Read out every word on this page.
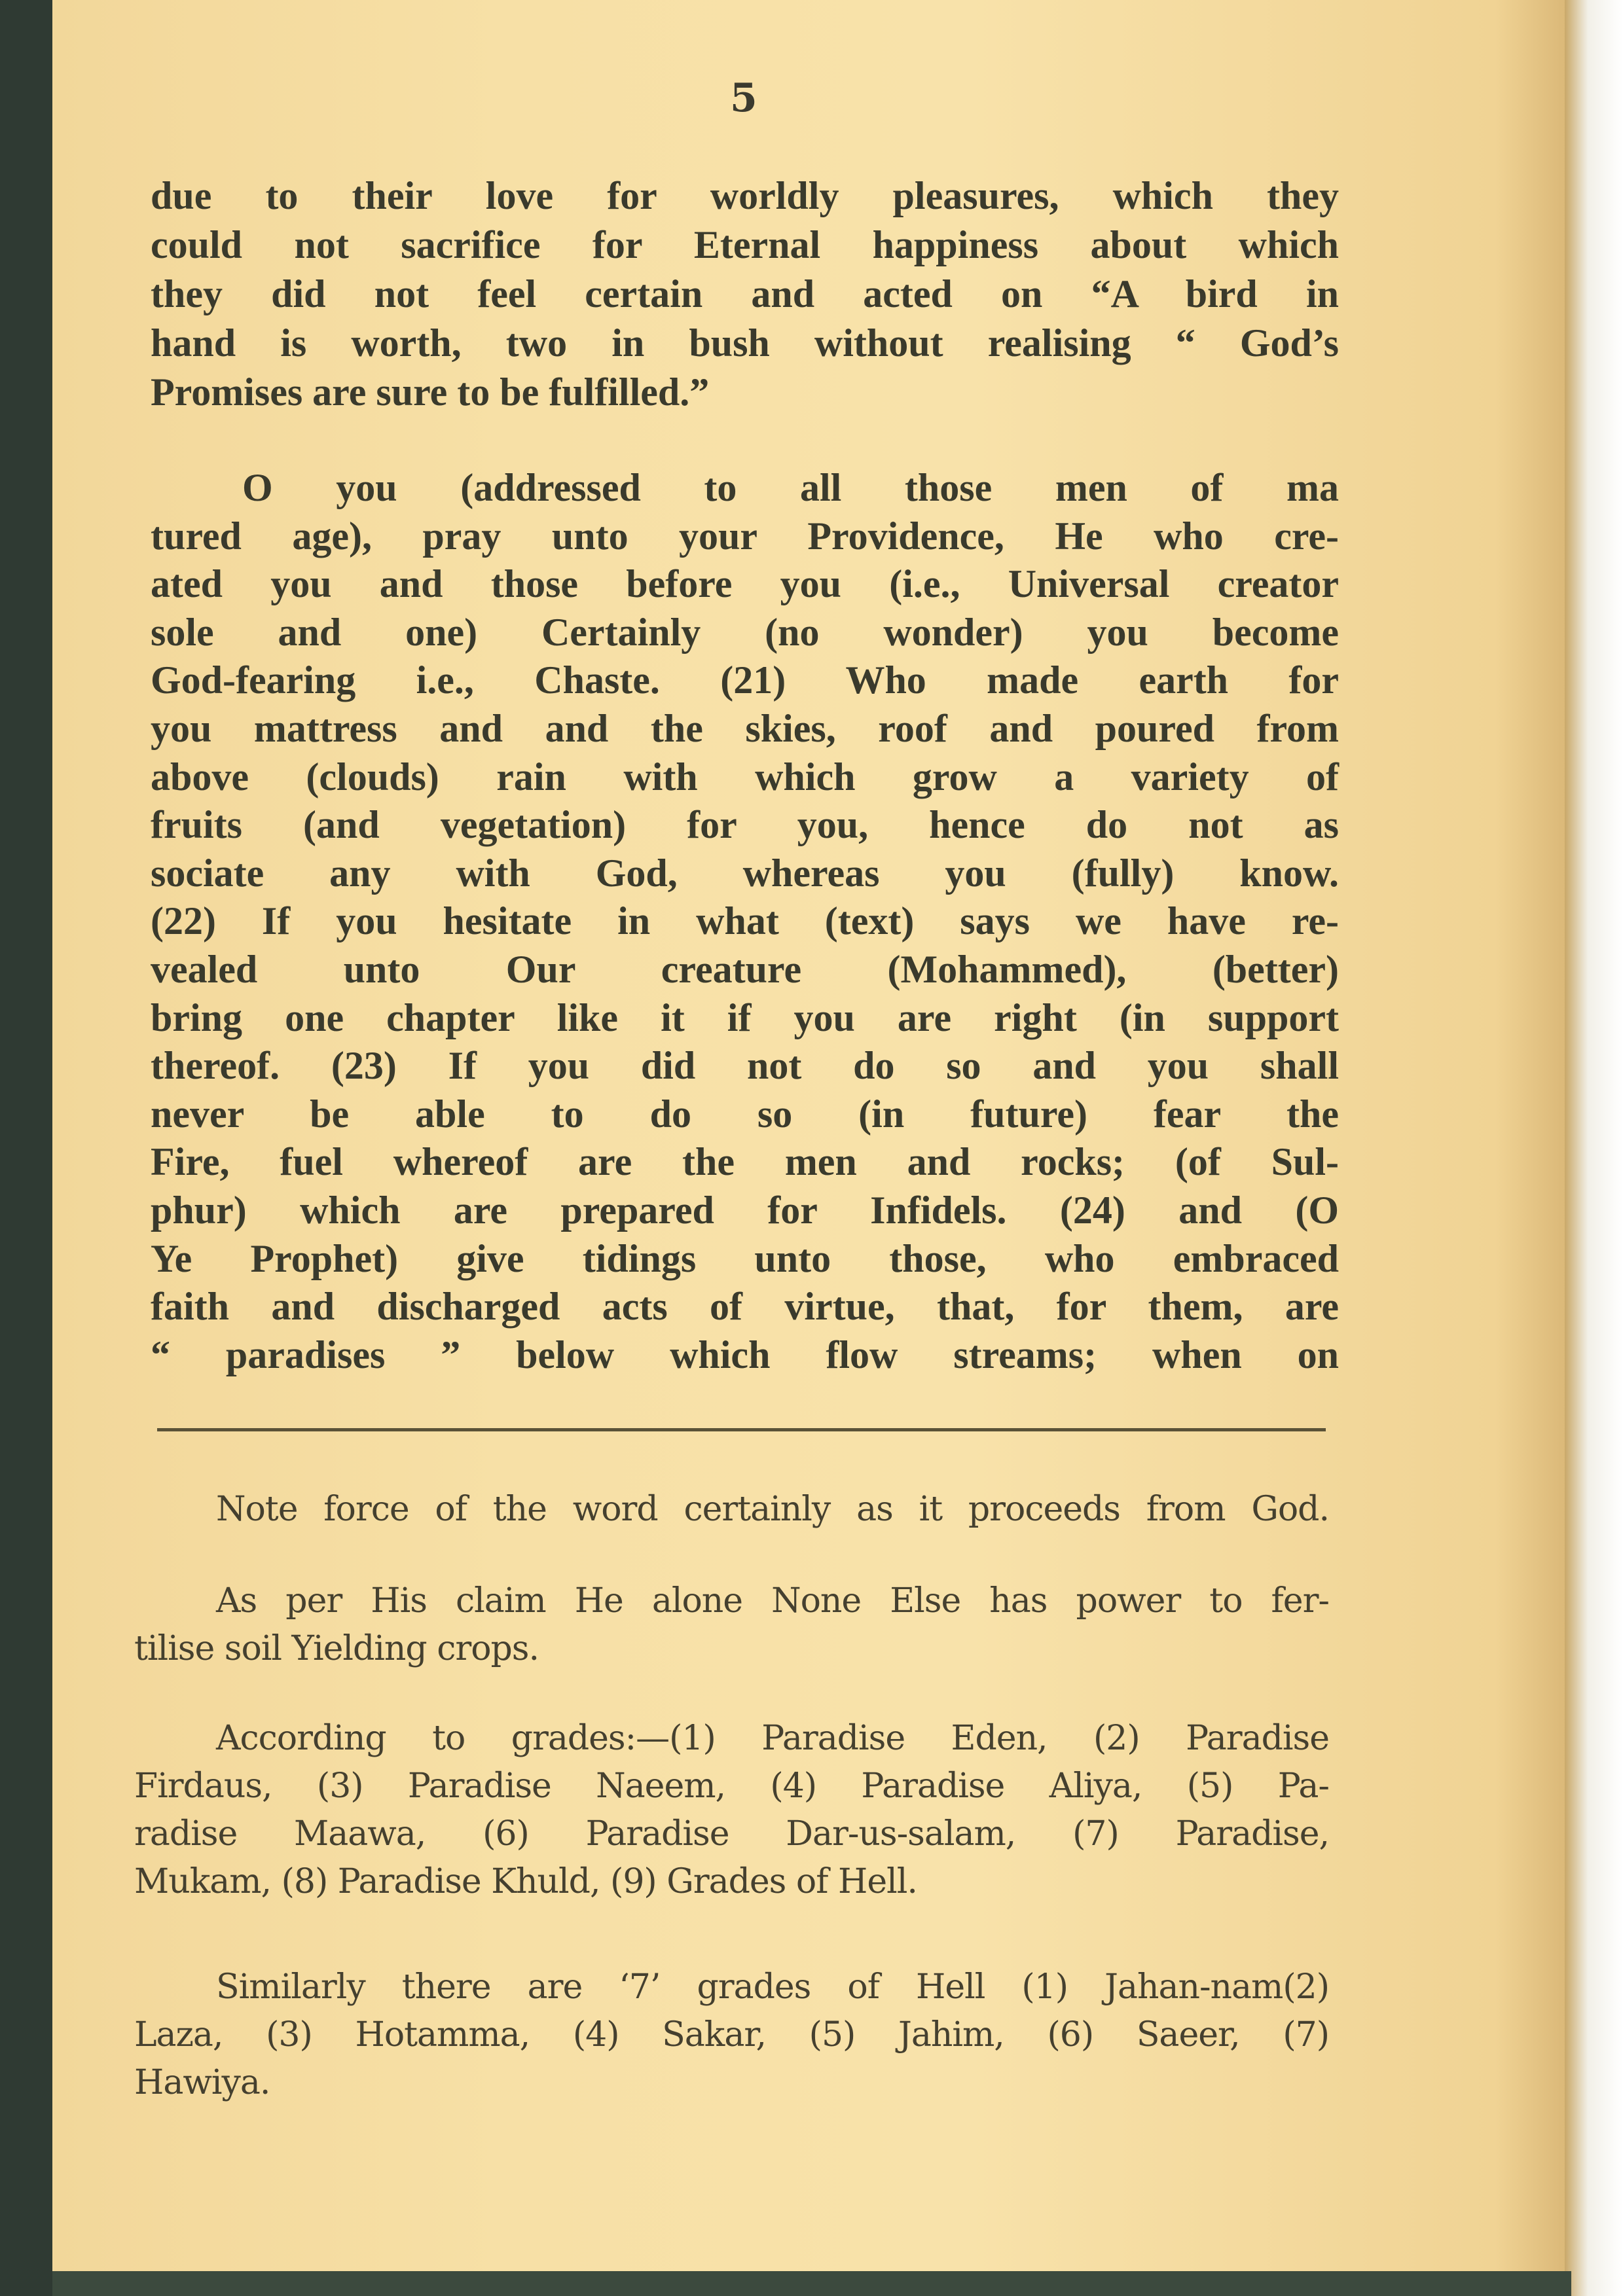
5
due to their love for worldly pleasures, which they
could not sacrifice for Eternal happiness about which
they did not feel certain and acted on “A bird in
hand is worth, two in bush without realising “ God’s
Promises are sure to be fulfilled.”
O you (addressed to all those men of ma
tured age), pray unto your Providence, He who cre-
ated you and those before you (i.e., Universal creator
sole and one) Certainly (no wonder) you become
God-fearing i.e., Chaste. (21) Who made earth for
you mattress and and the skies, roof and poured from
above (clouds) rain with which grow a variety of
fruits (and vegetation) for you, hence do not as
sociate any with God, whereas you (fully) know.
(22) If you hesitate in what (text) says we have re-
vealed unto Our creature (Mohammed), (better)
bring one chapter like it if you are right (in support
thereof. (23) If you did not do so and you shall
never be able to do so (in future) fear the
Fire, fuel whereof are the men and rocks; (of Sul-
phur) which are prepared for Infidels. (24) and (O
Ye Prophet) give tidings unto those, who embraced
faith and discharged acts of virtue, that, for them, are
“ paradises ” below which flow streams; when on
Note force of the word certainly as it proceeds from God.
As per His claim He alone None Else has power to fer-
tilise soil Yielding crops.
According to grades:—(1) Paradise Eden, (2) Paradise
Firdaus, (3) Paradise Naeem, (4) Paradise Aliya, (5) Pa-
radise Maawa, (6) Paradise Dar-us-salam, (7) Paradise,
Mukam, (8) Paradise Khuld, (9) Grades of Hell.
Similarly there are ‘7’ grades of Hell (1) Jahan-nam(2)
Laza, (3) Hotamma, (4) Sakar, (5) Jahim, (6) Saeer, (7)
Hawiya.
